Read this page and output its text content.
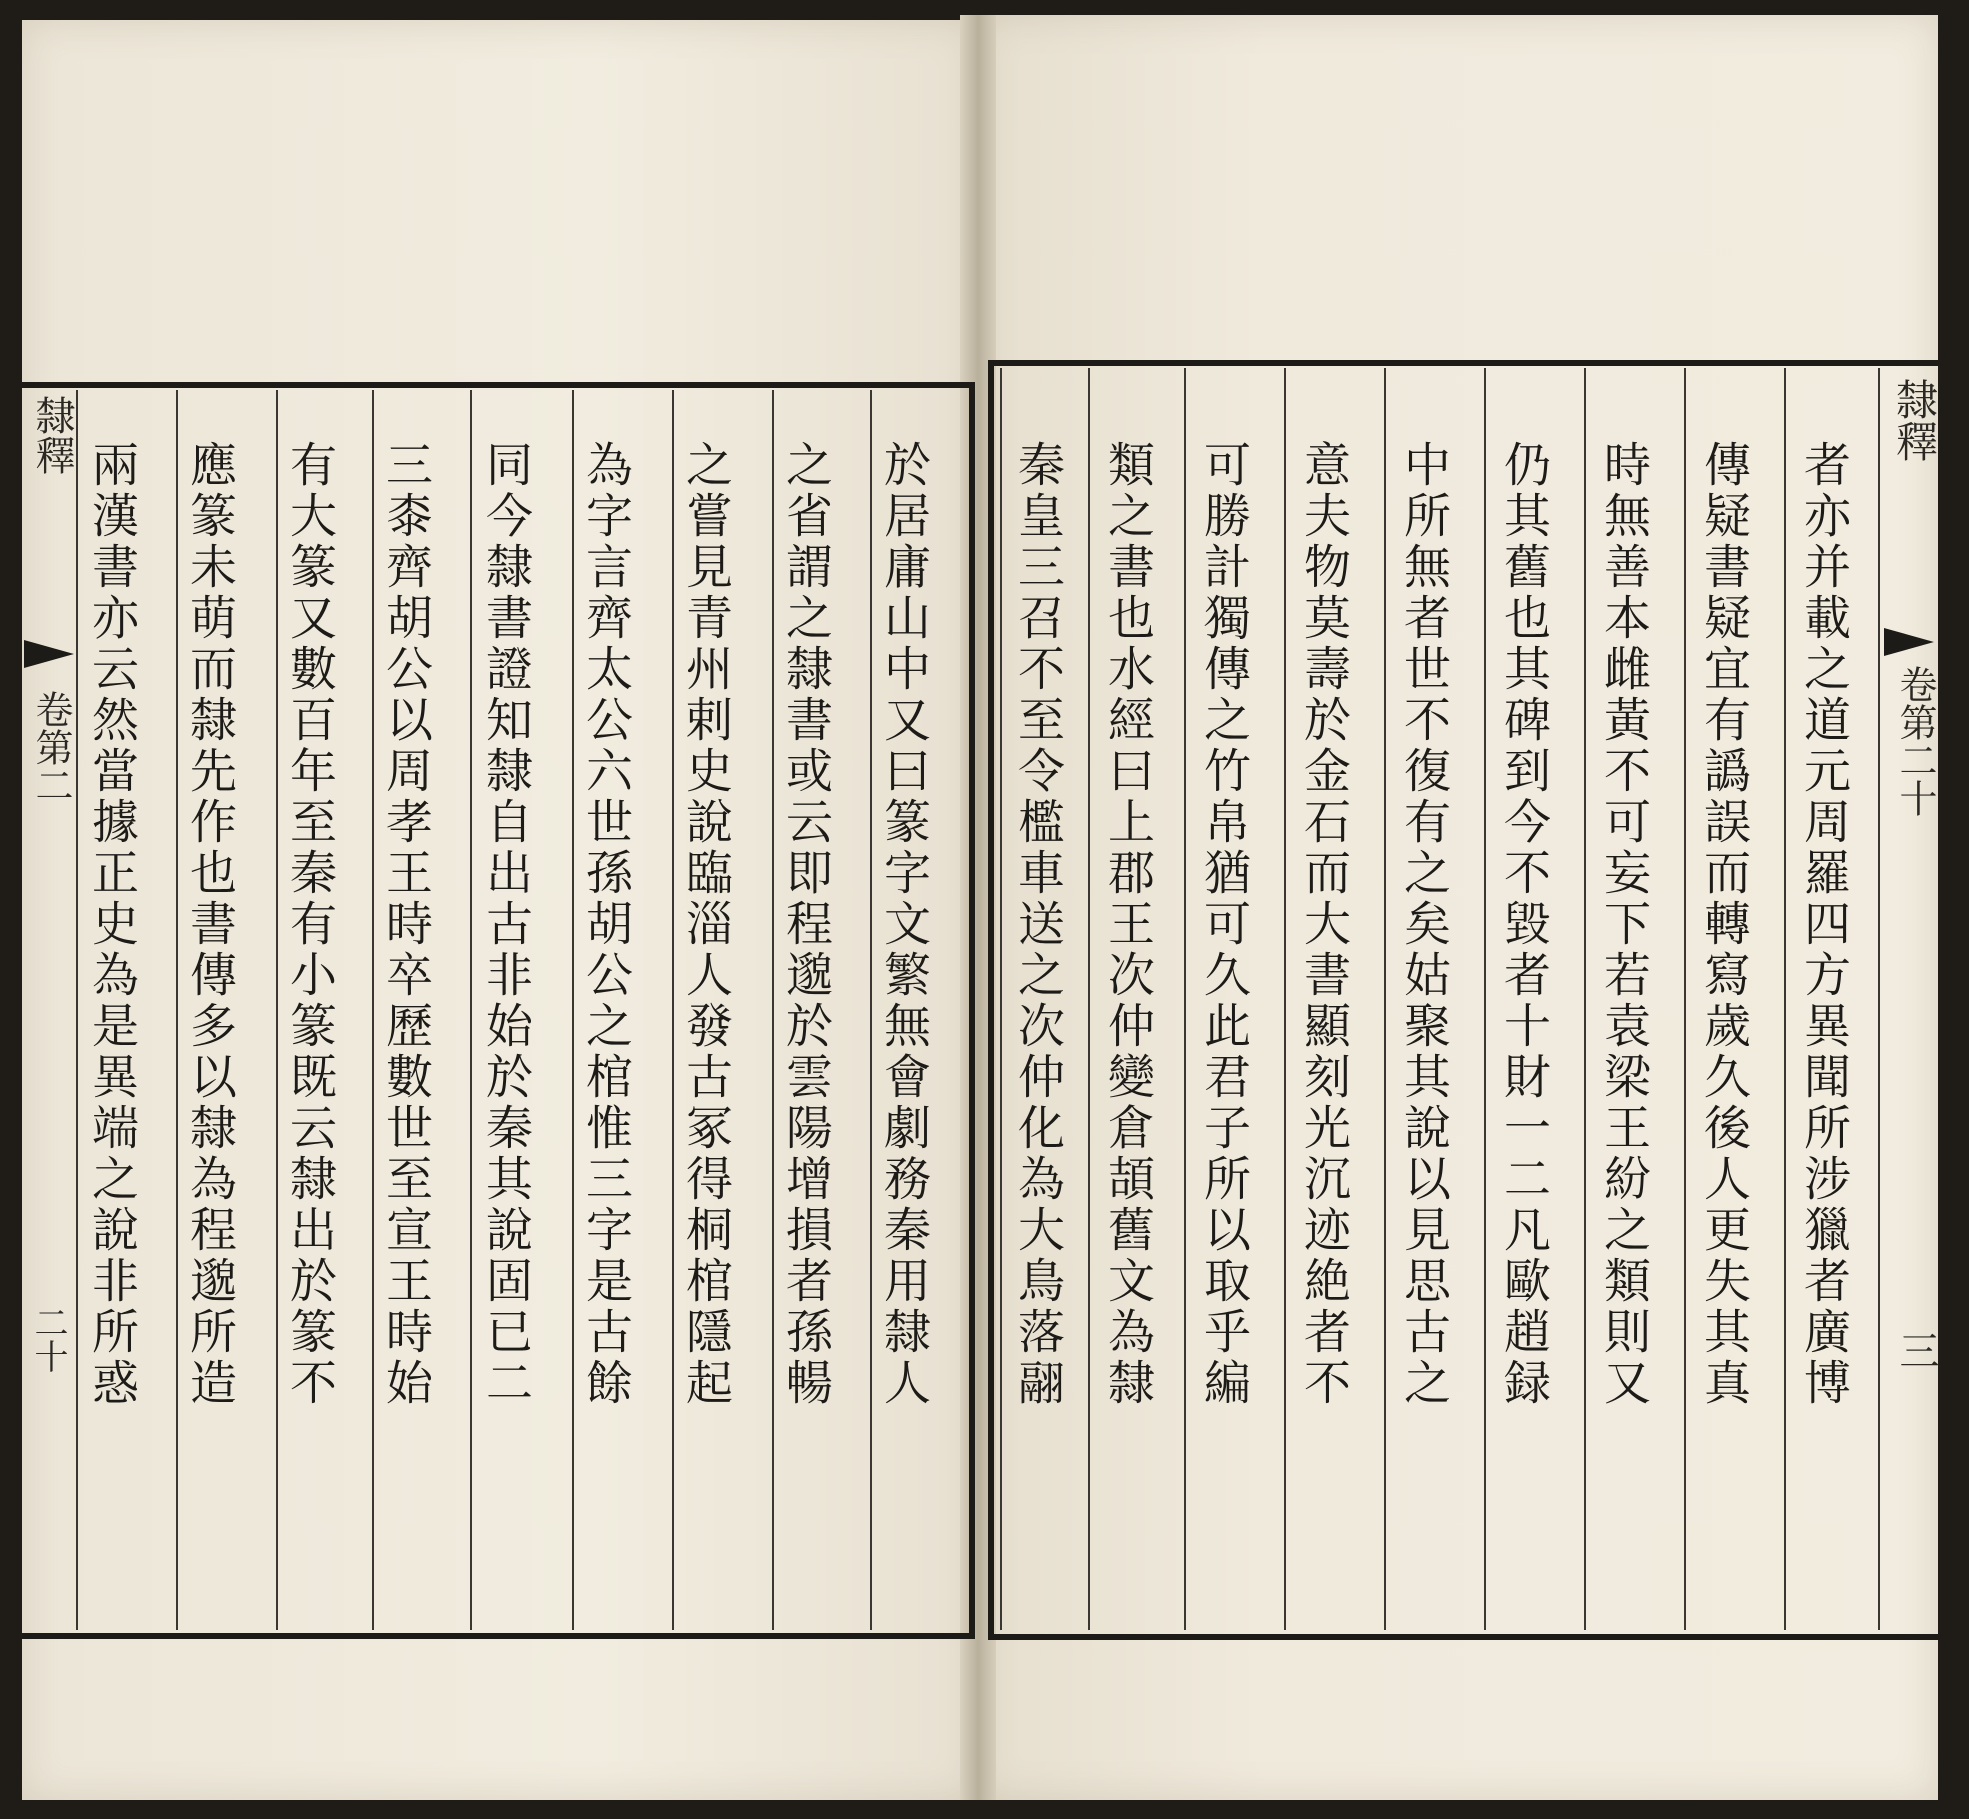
隸釋
卷第二
二十	於居庸山中又曰篆字文繁無會劇務秦用隸人
之省謂之隸書或云即程邈於雲陽增損者孫暢
之嘗見青州剌史說臨淄人發古冢得桐棺隱起
為字言齊太公六世孫胡公之棺惟三字是古餘
同今隸書證知隸自出古非始於秦其說固已二
三桼齊胡公以周孝王時卒歷數世至宣王時始
有大篆又數百年至秦有小篆既云隸出於篆不
應篆未萌而隸先作也書傳多以隸為程邈所造
兩漢書亦云然當據正史為是異端之說非所惑	者亦并載之道元周羅四方異聞所涉獵者廣博
傳疑書疑宜有譌誤而轉寫歲久後人更失其真
時無善本雌黃不可妄下若袁梁王紛之類則又
仍其舊也其碑到今不毀者十財一二凡歐趙録
中所無者世不復有之矣姑聚其說以見思古之
意夫物莫壽於金石而大書顯刻光沉迹絶者不
可勝計獨傳之竹帛猶可久此君子所以取乎編
類之書也水經曰上郡王次仲變倉頡舊文為隸
秦皇三召不至令檻車送之次仲化為大鳥落翮
隸釋
卷第二十
三
